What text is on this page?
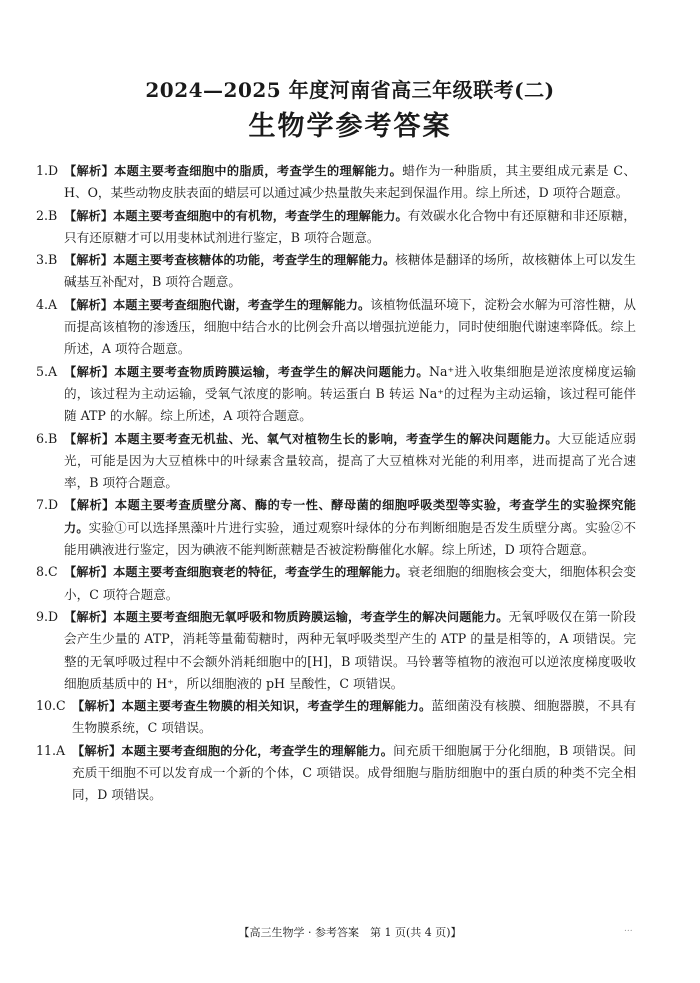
2024—2025 年度河南省高三年级联考(二)
生物学参考答案
1.D 【解析】本题主要考查细胞中的脂质，考查学生的理解能力。蜡作为一种脂质，其主要组成元素是 C、H、O，某些动物皮肤表面的蜡层可以通过减少热量散失来起到保温作用。综上所述，D 项符合题意。
2.B 【解析】本题主要考查细胞中的有机物，考查学生的理解能力。有效碳水化合物中有还原糖和非还原糖，只有还原糖才可以用斐林试剂进行鉴定，B 项符合题意。
3.B 【解析】本题主要考查核糖体的功能，考查学生的理解能力。核糖体是翻译的场所，故核糖体上可以发生碱基互补配对，B 项符合题意。
4.A 【解析】本题主要考查细胞代谢，考查学生的理解能力。该植物低温环境下，淀粉会水解为可溶性糖，从而提高该植物的渗透压，细胞中结合水的比例会升高以增强抗逆能力，同时使细胞代谢速率降低。综上所述，A 项符合题意。
5.A 【解析】本题主要考查物质跨膜运输，考查学生的解决问题能力。Na⁺进入收集细胞是逆浓度梯度运输的，该过程为主动运输，受氧气浓度的影响。转运蛋白 B 转运 Na⁺的过程为主动运输，该过程可能伴随 ATP 的水解。综上所述，A 项符合题意。
6.B 【解析】本题主要考查无机盐、光、氧气对植物生长的影响，考查学生的解决问题能力。大豆能适应弱光，可能是因为大豆植株中的叶绿素含量较高，提高了大豆植株对光能的利用率，进而提高了光合速率，B 项符合题意。
7.D 【解析】本题主要考查质壁分离、酶的专一性、酵母菌的细胞呼吸类型等实验，考查学生的实验探究能力。实验①可以选择黑藻叶片进行实验，通过观察叶绿体的分布判断细胞是否发生质壁分离。实验②不能用碘液进行鉴定，因为碘液不能判断蔗糖是否被淀粉酶催化水解。综上所述，D 项符合题意。
8.C 【解析】本题主要考查细胞衰老的特征，考查学生的理解能力。衰老细胞的细胞核会变大，细胞体积会变小，C 项符合题意。
9.D 【解析】本题主要考查细胞无氧呼吸和物质跨膜运输，考查学生的解决问题能力。无氧呼吸仅在第一阶段会产生少量的 ATP，消耗等量葡萄糖时，两种无氧呼吸类型产生的 ATP 的量是相等的，A 项错误。完整的无氧呼吸过程中不会额外消耗细胞中的[H]，B 项错误。马铃薯等植物的液泡可以逆浓度梯度吸收细胞质基质中的 H⁺，所以细胞液的 pH 呈酸性，C 项错误。
10.C 【解析】本题主要考查生物膜的相关知识，考查学生的理解能力。蓝细菌没有核膜、细胞器膜，不具有生物膜系统，C 项错误。
11.A 【解析】本题主要考查细胞的分化，考查学生的理解能力。间充质干细胞属于分化细胞，B 项错误。间充质干细胞不可以发育成一个新的个体，C 项错误。成骨细胞与脂肪细胞中的蛋白质的种类不完全相同，D 项错误。
【高三生物学 · 参考答案　第 1 页(共 4 页)】	...
